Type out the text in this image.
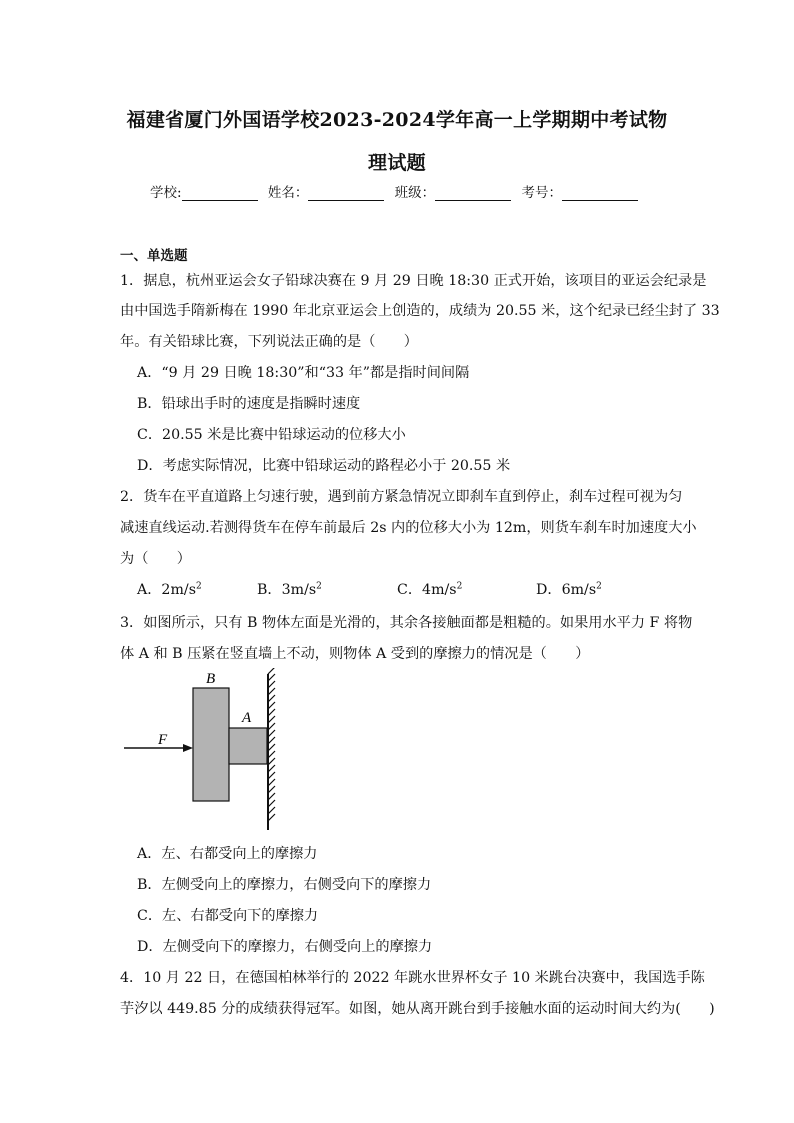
福建省厦门外国语学校2023-2024学年高一上学期期中考试物
理试题
学校:	姓名：	班级：	考号：
一、单选题
1．据息，杭州亚运会女子铅球决赛在 9 月 29 日晚 18:30 正式开始，该项目的亚运会纪录是
由中国选手隋新梅在 1990 年北京亚运会上创造的，成绩为 20.55 米，这个纪录已经尘封了 33
年。有关铅球比赛，下列说法正确的是（　　）
A．“9 月 29 日晚 18:30”和“33 年”都是指时间间隔
B．铅球出手时的速度是指瞬时速度
C．20.55 米是比赛中铅球运动的位移大小
D．考虑实际情况，比赛中铅球运动的路程必小于 20.55 米
2．货车在平直道路上匀速行驶，遇到前方紧急情况立即刹车直到停止，刹车过程可视为匀
减速直线运动.若测得货车在停车前最后 2s 内的位移大小为 12m，则货车刹车时加速度大小
为（　　）
A．$2m/s^2$	B．$3m/s^2$	C．$4m/s^2$	D．$6m/s^2$
3．如图所示，只有 B 物体左面是光滑的，其余各接触面都是粗糙的。如果用水平力 F 将物
体 A 和 B 压紧在竖直墙上不动，则物体 A 受到的摩擦力的情况是（　　）
B
A
F
A．左、右都受向上的摩擦力
B．左侧受向上的摩擦力，右侧受向下的摩擦力
C．左、右都受向下的摩擦力
D．左侧受向下的摩擦力，右侧受向上的摩擦力
4．10 月 22 日，在德国柏林举行的 2022 年跳水世界杯女子 10 米跳台决赛中，我国选手陈
芋汐以 449.85 分的成绩获得冠军。如图，她从离开跳台到手接触水面的运动时间大约为(　　)
